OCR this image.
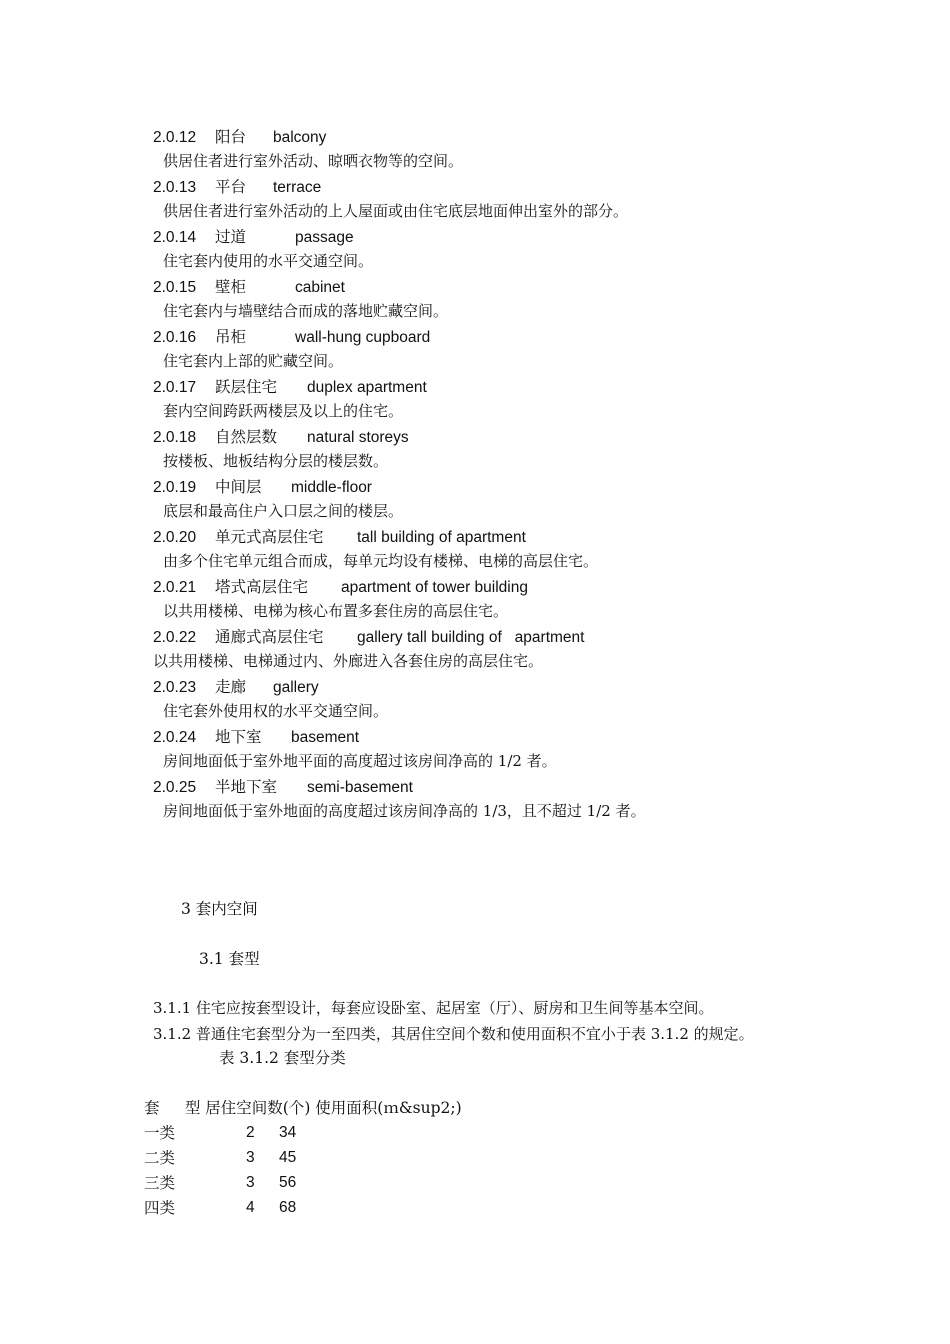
2.0.12 阳台 balcony
供居住者进行室外活动、晾晒衣物等的空间。
2.0.13 平台 terrace
供居住者进行室外活动的上人屋面或由住宅底层地面伸出室外的部分。
2.0.14 过道	passage
住宅套内使用的水平交通空间。
2.0.15 壁柜	cabinet
住宅套内与墙壁结合而成的落地贮藏空间。
2.0.16 吊柜	wall-hung cupboard
住宅套内上部的贮藏空间。
2.0.17 跃层住宅 duplex apartment
套内空间跨跃两楼层及以上的住宅。
2.0.18 自然层数 natural storeys
按楼板、地板结构分层的楼层数。
2.0.19 中间层 middle-floor
底层和最高住户入口层之间的楼层。
2.0.20 单元式高层住宅 tall building of apartment
由多个住宅单元组合而成，每单元均设有楼梯、电梯的高层住宅。
2.0.21 塔式高层住宅 apartment of tower building
以共用楼梯、电梯为核心布置多套住房的高层住宅。
2.0.22 通廊式高层住宅 gallery tall building of   apartment
以共用楼梯、电梯通过内、外廊进入各套住房的高层住宅。
2.0.23 走廊 gallery
住宅套外使用权的水平交通空间。
2.0.24 地下室 basement
房间地面低于室外地平面的高度超过该房间净高的 1/2 者。
2.0.25 半地下室 semi-basement
房间地面低于室外地面的高度超过该房间净高的 1/3，且不超过 1/2 者。
3 套内空间
3.1 套型
3.1.1 住宅应按套型设计，每套应设卧室、起居室（厅）、厨房和卫生间等基本空间。
3.1.2 普通住宅套型分为一至四类，其居住空间个数和使用面积不宜小于表 3.1.2 的规定。
表 3.1.2 套型分类
套　  型 居住空间数(个) 使用面积(ｍ&sup2;)
一类	2 34
二类	3 45
三类	3 56
四类	4 68
